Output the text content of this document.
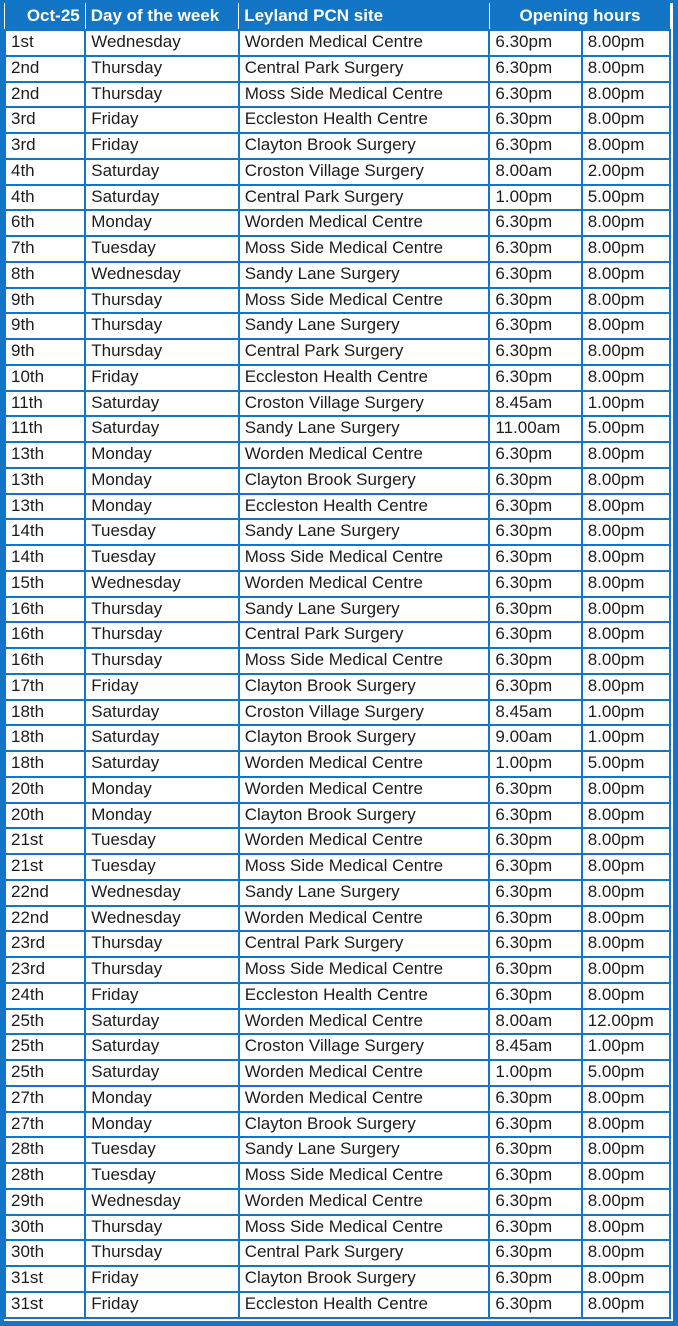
Oct-25	Day of the week	Leyland PCN site	Opening hours	
1st	Wednesday	Worden Medical Centre	6.30pm	8.00pm
2nd	Thursday	Central Park Surgery	6.30pm	8.00pm
2nd	Thursday	Moss Side Medical Centre	6.30pm	8.00pm
3rd	Friday	Eccleston Health Centre	6.30pm	8.00pm
3rd	Friday	Clayton Brook Surgery	6.30pm	8.00pm
4th	Saturday	Croston Village Surgery	8.00am	2.00pm
4th	Saturday	Central Park Surgery	1.00pm	5.00pm
6th	Monday	Worden Medical Centre	6.30pm	8.00pm
7th	Tuesday	Moss Side Medical Centre	6.30pm	8.00pm
8th	Wednesday	Sandy Lane Surgery	6.30pm	8.00pm
9th	Thursday	Moss Side Medical Centre	6.30pm	8.00pm
9th	Thursday	Sandy Lane Surgery	6.30pm	8.00pm
9th	Thursday	Central Park Surgery	6.30pm	8.00pm
10th	Friday	Eccleston Health Centre	6.30pm	8.00pm
11th	Saturday	Croston Village Surgery	8.45am	1.00pm
11th	Saturday	Sandy Lane Surgery	11.00am	5.00pm
13th	Monday	Worden Medical Centre	6.30pm	8.00pm
13th	Monday	Clayton Brook Surgery	6.30pm	8.00pm
13th	Monday	Eccleston Health Centre	6.30pm	8.00pm
14th	Tuesday	Sandy Lane Surgery	6.30pm	8.00pm
14th	Tuesday	Moss Side Medical Centre	6.30pm	8.00pm
15th	Wednesday	Worden Medical Centre	6.30pm	8.00pm
16th	Thursday	Sandy Lane Surgery	6.30pm	8.00pm
16th	Thursday	Central Park Surgery	6.30pm	8.00pm
16th	Thursday	Moss Side Medical Centre	6.30pm	8.00pm
17th	Friday	Clayton Brook Surgery	6.30pm	8.00pm
18th	Saturday	Croston Village Surgery	8.45am	1.00pm
18th	Saturday	Clayton Brook Surgery	9.00am	1.00pm
18th	Saturday	Worden Medical Centre	1.00pm	5.00pm
20th	Monday	Worden Medical Centre	6.30pm	8.00pm
20th	Monday	Clayton Brook Surgery	6.30pm	8.00pm
21st	Tuesday	Worden Medical Centre	6.30pm	8.00pm
21st	Tuesday	Moss Side Medical Centre	6.30pm	8.00pm
22nd	Wednesday	Sandy Lane Surgery	6.30pm	8.00pm
22nd	Wednesday	Worden Medical Centre	6.30pm	8.00pm
23rd	Thursday	Central Park Surgery	6.30pm	8.00pm
23rd	Thursday	Moss Side Medical Centre	6.30pm	8.00pm
24th	Friday	Eccleston Health Centre	6.30pm	8.00pm
25th	Saturday	Worden Medical Centre	8.00am	12.00pm
25th	Saturday	Croston Village Surgery	8.45am	1.00pm
25th	Saturday	Worden Medical Centre	1.00pm	5.00pm
27th	Monday	Worden Medical Centre	6.30pm	8.00pm
27th	Monday	Clayton Brook Surgery	6.30pm	8.00pm
28th	Tuesday	Sandy Lane Surgery	6.30pm	8.00pm
28th	Tuesday	Moss Side Medical Centre	6.30pm	8.00pm
29th	Wednesday	Worden Medical Centre	6.30pm	8.00pm
30th	Thursday	Moss Side Medical Centre	6.30pm	8.00pm
30th	Thursday	Central Park Surgery	6.30pm	8.00pm
31st	Friday	Clayton Brook Surgery	6.30pm	8.00pm
31st	Friday	Eccleston Health Centre	6.30pm	8.00pm
